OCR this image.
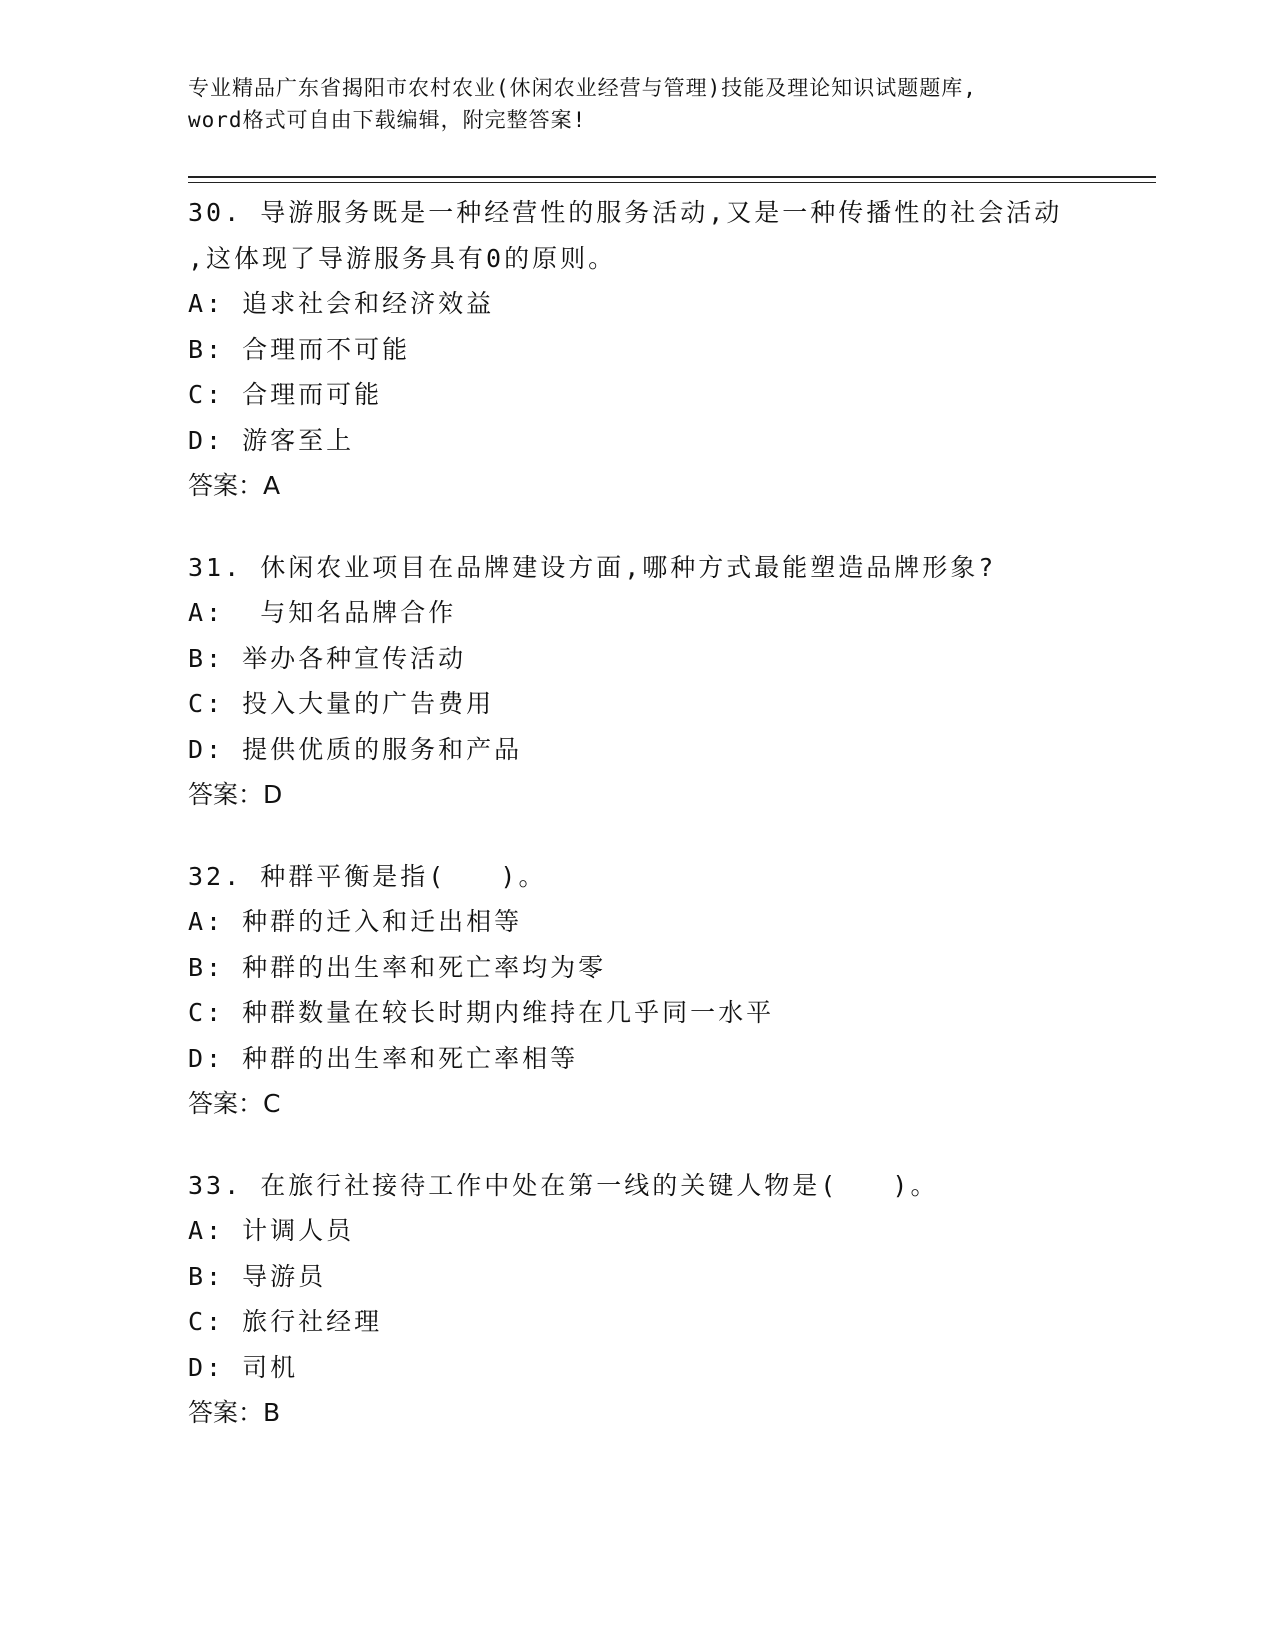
专业精品广东省揭阳市农村农业(休闲农业经营与管理)技能及理论知识试题题库,
word格式可自由下载编辑，附完整答案!
30. 导游服务既是一种经营性的服务活动,又是一种传播性的社会活动
,这体现了导游服务具有0的原则。
A: 追求社会和经济效益
B: 合理而不可能
C: 合理而可能
D: 游客至上
答案：A
31. 休闲农业项目在品牌建设方面,哪种方式最能塑造品牌形象?
A:  与知名品牌合作
B: 举办各种宣传活动
C: 投入大量的广告费用
D: 提供优质的服务和产品
答案：D
32. 种群平衡是指(   )。
A: 种群的迁入和迁出相等
B: 种群的出生率和死亡率均为零
C: 种群数量在较长时期内维持在几乎同一水平
D: 种群的出生率和死亡率相等
答案：C
33. 在旅行社接待工作中处在第一线的关键人物是(   )。
A: 计调人员
B: 导游员
C: 旅行社经理
D: 司机
答案：B
